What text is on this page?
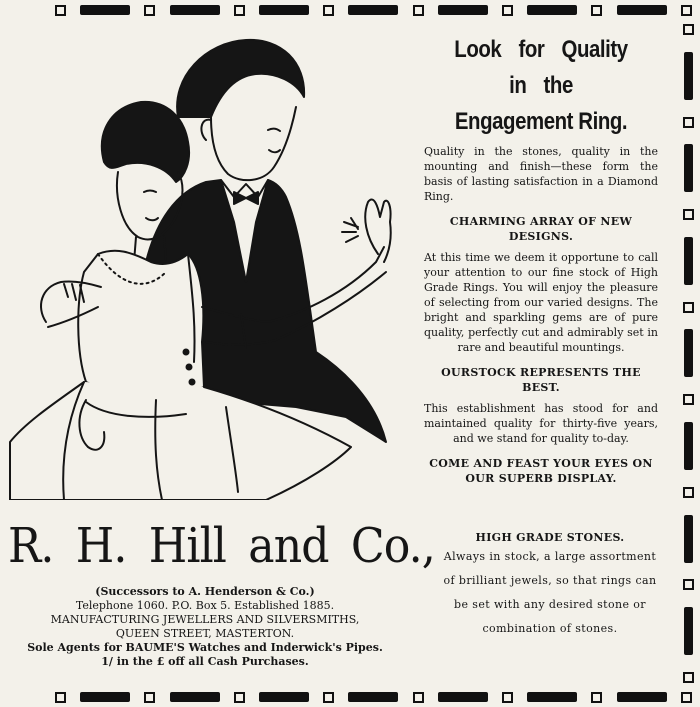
Look for Quality
in the
Engagement Ring.

Quality in the stones, quality in the mounting and finish—these form the basis of lasting satisfaction in a Diamond Ring.

CHARMING ARRAY OF NEW DESIGNS.

At this time we deem it opportune to call your attention to our fine stock of High Grade Rings. You will enjoy the pleasure of selecting from our varied designs. The bright and sparkling gems are of pure quality, perfectly cut and admirably set in rare and beautiful mountings.

OURSTOCK REPRESENTS THE BEST.

This establishment has stood for and maintained quality for thirty-five years, and we stand for quality to-day.

COME AND FEAST YOUR EYES ON OUR SUPERB DISPLAY.
R. H. Hill and Co.,
(Successors to A. Henderson & Co.)
Telephone 1060. P.O. Box 5. Established 1885.
MANUFACTURING JEWELLERS AND SILVERSMITHS,
QUEEN STREET, MASTERTON.
Sole Agents for BAUME'S Watches and Inderwick's Pipes.
1/ in the £ off all Cash Purchases.
HIGH GRADE STONES.
Always in stock, a large assortment
of brilliant jewels, so that rings can
be set with any desired stone or
combination of stones.
